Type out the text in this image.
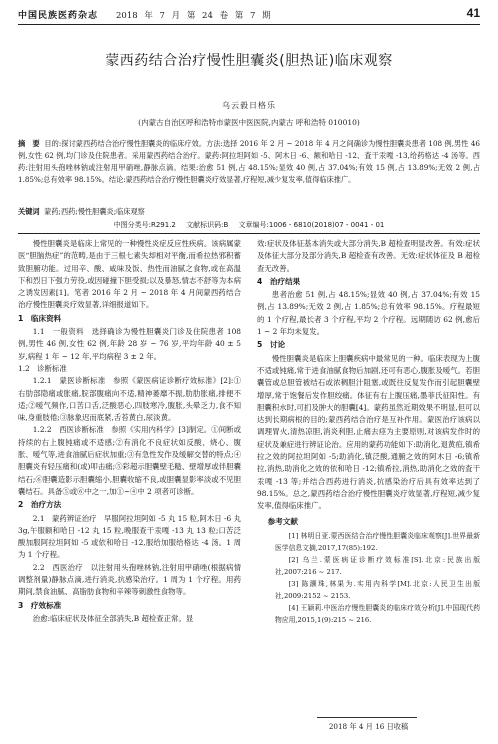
中国民族医药杂志 2018 年 7 月 第 24 卷 第 7 期	41
蒙西药结合治疗慢性胆囊炎(胆热证)临床观察
乌云毅日格乐
(内蒙古自治区呼和浩特市蒙医中医医院,内蒙古 呼和浩特 010010)
摘　要 目的:探讨蒙西药结合治疗慢性胆囊炎的临床疗效。方法:选择 2016 年 2 月 ~ 2018 年 4 月之间确诊为慢性胆囊炎患者 108 例,男性 46 例,女性 62 例,均门诊及住院患者。采用蒙西药结合治疗。蒙药:阿拉坦阿如 -5、阿木日 -6、额和哈日 -12、査干汞嘎 -13,给药格达 -4 汤等。西药:注射用头孢唑林钠或注射用甲硝唑,静脉点滴。结果:治愈 51 例,占 48.15%;显效 40 例,占 37.04%;有效 15 例,占 13.89%;无效 2 例,占 1.85%;总有效率 98.15%。结论:蒙西药结合治疗慢性胆囊炎疗效显著,疗程短,减少复发率,值得临床推广。
关键词 蒙药;西药;慢性胆囊炎;临床观察
中图分类号:R291.2 文献标识码:B 文章编号:1006 - 6810(2018)07 - 0041 - 01

慢性胆囊炎是临床上常见的一种慢性炎症反应性疾病。该病属蒙医“胆脑热症”的范畴,是由于三根七素失却相对平衡,而希拉热邪积蓄致胆腑功能。过用辛、酸、咸味及饭、热性而油腻之食物,或在高温下和烈日下强力劳役,或因碰撞下胆受损;以及暴怒,情志不舒等为本病之诱发因素[1]。笔者 2016 年 2 月 ~ 2018 年 4 月间蒙西药结合治疗慢性胆囊炎疗效显著,详细报道如下。

1　临床资料

1.1　一般资料　选择确诊为慢性胆囊炎门诊及住院患者 108 例,男性 46 例,女性 62 例,年龄 28 岁 ~ 76 岁,平均年龄 40 ± 5 岁,病程 1 年 ~ 12 年,平均病程 3 ± 2 年。

1.2　诊断标准

1.2.1　蒙医诊断标准　参照《蒙医病证诊断疗效标准》[2]:①右肋部隐痛或胀痛,脘部腹痛向不适,精神萎靡不振,肋肋胀痛,排便不适;②嗳气频作,口苦口舌,泛酸恶心,四肢寒冷,腹胀,头晕乏力,食不知味,身重肢倦;③脉象迟而底紧,舌苔黄白,尿淡黄。

1.2.2　西医诊断标准　参照《实用内科学》[3]制定。①间断或持续的右上腹钝痛或不适感;②有消化不良症状如反酸、烧心、腹胀、嗳气等,进食油腻后症状加重;③有急性发作及缓解交替的特点;④胆囊炎有轻压痛和(或)叩击痛;⑤彩超示胆囊壁毛糙、壁增厚或伴胆囊结石;⑥胆囊造影示胆囊缩小,胆囊收缩不良,或胆囊显影率淡或不见胆囊结石。具备⑤或⑥中之一,加①~④中 2 项者可诊断。

2　治疗方法

2.1　蒙药辨证治疗　早服阿拉坦阿如 -5 丸 15 粒,阿木日 -6 丸 3g,午服额和哈日 -12 丸 15 粒,晚服查干汞嘎 -13 丸 13 粒;口苦泛酸加服阿拉坦阿如 -5 或依和哈日 -12,服给加服给格达 -4 汤。1 周为 1 个疗程。

2.2　西医治疗　以注射用头孢唑林钠,注射用甲硝唑(根据病情调整剂量)静脉点滴,进行消炎,抗感染治疗。1 周为 1 个疗程。用药期间,禁食油腻、高脂肪食物和辛辣等刺激性食物等。

3　疗效标准

治愈:临床症状及体征全部消失,B 超检查正常。显

效:症状及体征基本消失或大部分消失,B 超检查明显改善。有效:症状及体征大部分及部分消失,B 超检查有改善。无效:症状体征及 B 超检查无改善。

4　治疗结果

患者治愈 51 例,占 48.15%;显效 40 例,占 37.04%;有效 15 例,占 13.89%;无效 2 例,占 1.85%;总有效率 98.15%。疗程最短的 1 个疗程,最长者 3 个疗程,平均 2 个疗程。远期随访 62 例,愈后 1 ~ 2 年均未复发。

5　讨论

慢性胆囊炎是临床上胆囊疾病中最常见的一种。临床表现为上腹不适或钝痛,常于进食油腻食物后加剧,还可有恶心,腹胀及嗳气。若胆囊管或总胆管被结石或浓稠胆汁阻塞,或既往反复发作而引起胆囊壁增厚,常于饱餐后发作胆绞痛。体征有右上腹压痛,墨菲氏征阳性。有胆囊积水时,可扪及肿大的胆囊[4]。蒙药虽然近期效果不明显,但可以达到长期病根的目的;蒙西药结合治疗是互补作用。蒙医治疗该病以调理胃火,清热凉胆,消炎利胆,止痛去痉为主要原则,对该病发作时的症状及兼症进行辨证论治。应用的蒙药功能如下:助消化,退黄疸,镇希拉之效的阿拉坦阿如 -5;助消化,镇泛酸,通腑之效的阿木日 -6;镇希拉,消热,助消化之效的依和哈日 -12;镇希拉,消热,助消化之效的査干汞嘎 -13 等;并结合西药进行消炎,抗感染治疗后具有效率达到了 98.15%。总之,蒙西药结合治疗慢性胆囊炎疗效显著,疗程短,减少复发率,值得临床推广。

参考文献

[1] 林明日亚.蒙西医结合治疗慢性胆囊炎临床观察[J].世界最新医学信息文摘,2017,17(85):192.

[2] 乌兰.蒙医病证诊断疗效标准[S].北京:民族出版社,2007:216 ~ 217.

[3] 陈灏珠,林果为.实用内科学[M].北京:人民卫生出版社,2009:2152 ~ 2153.

[4] 王颖莉.中医治疗慢性胆囊炎的临床疗效分析[J].中国现代药物应用,2015,1(9):215 ~ 216.

2018 年 4 月 16 日收稿
